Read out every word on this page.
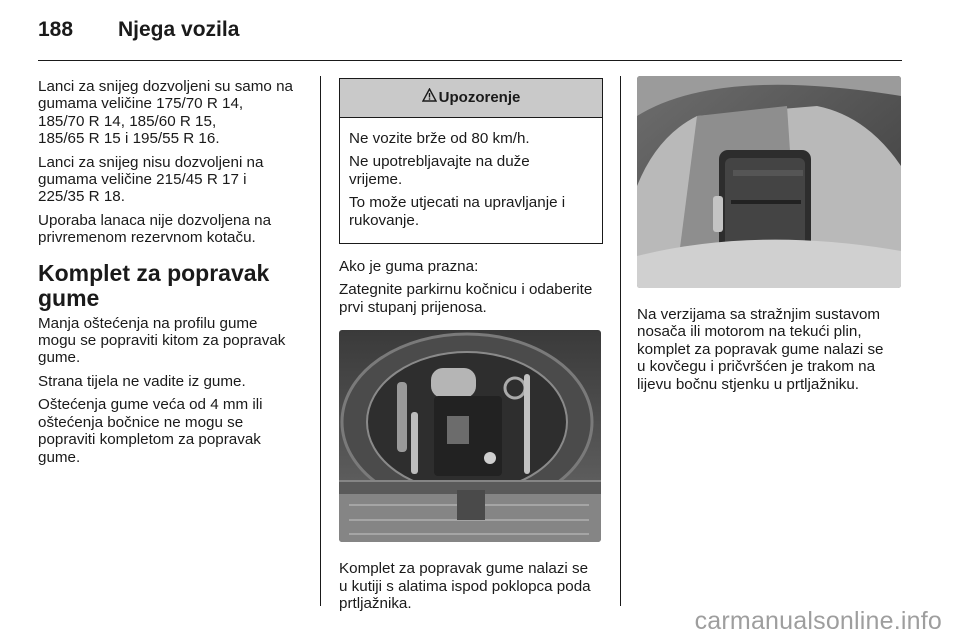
188 Njega vozila

Lanci za snijeg dozvoljeni su samo na
gumama veličine 175/70 R 14,
185/70 R 14, 185/60 R 15,
185/65 R 15 i 195/55 R 16.

Lanci za snijeg nisu dozvoljeni na
gumama veličine 215/45 R 17 i
225/35 R 18.

Uporaba lanaca nije dozvoljena na
privremenom rezervnom kotaču.

Komplet za popravak
gume

Manja oštećenja na profilu gume
mogu se popraviti kitom za popravak
gume.

Strana tijela ne vadite iz gume.

Oštećenja gume veća od 4 mm ili
oštećenja bočnice ne mogu se
popraviti kompletom za popravak
gume.

Upozorenje

Ne vozite brže od 80 km/h.

Ne upotrebljavajte na duže
vrijeme.

To može utjecati na upravljanje i
rukovanje.

Ako je guma prazna:

Zategnite parkirnu kočnicu i odaberite
prvi stupanj prijenosa.

Komplet za popravak gume nalazi se
u kutiji s alatima ispod poklopca poda
prtljažnika.

Na verzijama sa stražnjim sustavom
nosača ili motorom na tekući plin,
komplet za popravak gume nalazi se
u kovčegu i pričvršćen je trakom na
lijevu bočnu stjenku u prtljažniku.

carmanualsonline.info
